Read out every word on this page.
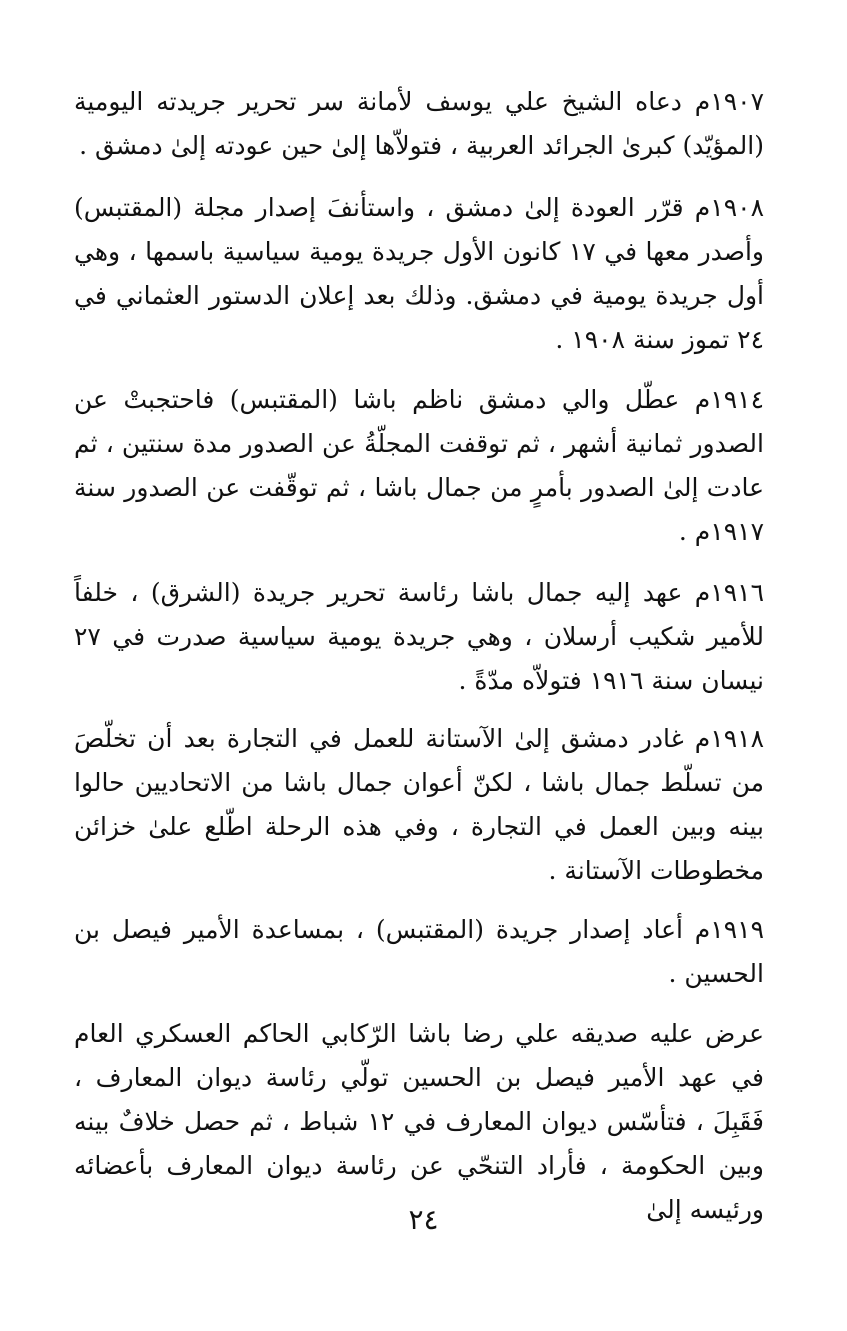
١٩٠٧م دعاه الشيخ علي يوسف لأمانة سر تحرير جريدته اليومية (المؤيّد) كبرىٰ الجرائد العربية ، فتولاّها إلىٰ حين عودته إلىٰ دمشق .

١٩٠٨م قرّر العودة إلىٰ دمشق ، واستأنفَ إصدار مجلة (المقتبس) وأصدر معها في ١٧ كانون الأول جريدة يومية سياسية باسمها ، وهي أول جريدة يومية في دمشق. وذلك بعد إعلان الدستور العثماني في ٢٤ تموز سنة ١٩٠٨ .

١٩١٤م عطّل والي دمشق ناظم باشا (المقتبس) فاحتجبتْ عن الصدور ثمانية أشهر ، ثم توقفت المجلّةُ عن الصدور مدة سنتين ، ثم عادت إلىٰ الصدور بأمرٍ من جمال باشا ، ثم توقّفت عن الصدور سنة ١٩١٧م .

١٩١٦م عهد إليه جمال باشا رئاسة تحرير جريدة (الشرق) ، خلفاً للأمير شكيب أرسلان ، وهي جريدة يومية سياسية صدرت في ٢٧ نيسان سنة ١٩١٦ فتولاّه مدّةً .

١٩١٨م غادر دمشق إلىٰ الآستانة للعمل في التجارة بعد أن تخلّصَ من تسلّط جمال باشا ، لكنّ أعوان جمال باشا من الاتحاديين حالوا بينه وبين العمل في التجارة ، وفي هذه الرحلة اطّلع علىٰ خزائن مخطوطات الآستانة .

١٩١٩م أعاد إصدار جريدة (المقتبس) ، بمساعدة الأمير فيصل بن الحسين .

عرض عليه صديقه علي رضا باشا الرّكابي الحاكم العسكري العام في عهد الأمير فيصل بن الحسين تولّي رئاسة ديوان المعارف ، فَقَبِلَ ، فتأسّس ديوان المعارف في ١٢ شباط ، ثم حصل خلافٌ بينه وبين الحكومة ، فأراد التنحّي عن رئاسة ديوان المعارف بأعضائه ورئيسه إلىٰ

٢٤
